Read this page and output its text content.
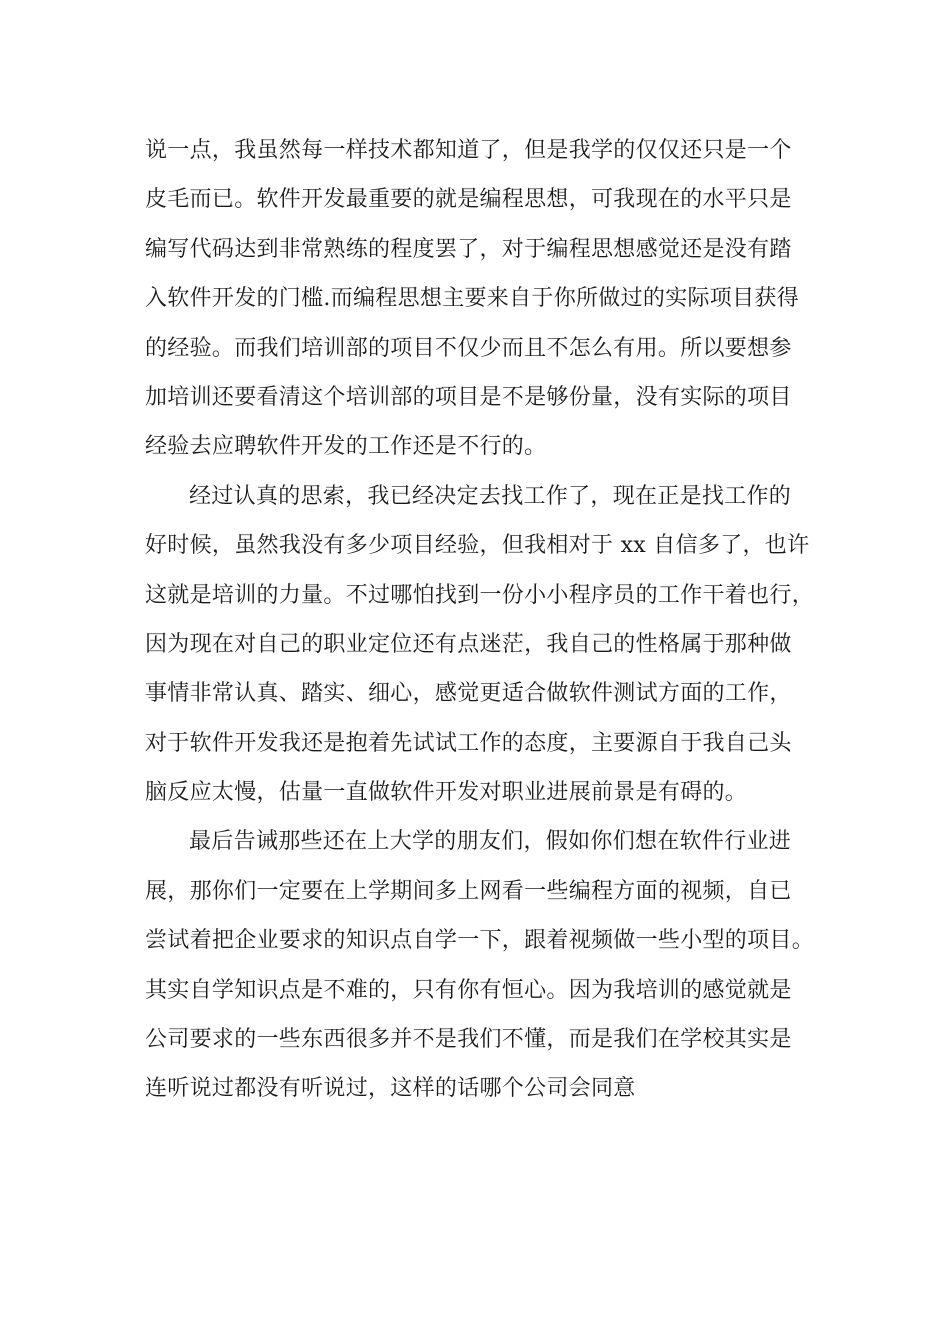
说一点，我虽然每一样技术都知道了，但是我学的仅仅还只是一个
皮毛而已。软件开发最重要的就是编程思想，可我现在的水平只是
编写代码达到非常熟练的程度罢了，对于编程思想感觉还是没有踏
入软件开发的门槛.而编程思想主要来自于你所做过的实际项目获得
的经验。而我们培训部的项目不仅少而且不怎么有用。所以要想参
加培训还要看清这个培训部的项目是不是够份量，没有实际的项目
经验去应聘软件开发的工作还是不行的。
经过认真的思索，我已经决定去找工作了，现在正是找工作的
好时候，虽然我没有多少项目经验，但我相对于 xx 自信多了，也许
这就是培训的力量。不过哪怕找到一份小小程序员的工作干着也行，
因为现在对自己的职业定位还有点迷茫，我自己的性格属于那种做
事情非常认真、踏实、细心，感觉更适合做软件测试方面的工作，
对于软件开发我还是抱着先试试工作的态度，主要源自于我自己头
脑反应太慢，估量一直做软件开发对职业进展前景是有碍的。
最后告诫那些还在上大学的朋友们，假如你们想在软件行业进
展，那你们一定要在上学期间多上网看一些编程方面的视频，自已
尝试着把企业要求的知识点自学一下，跟着视频做一些小型的项目。
其实自学知识点是不难的，只有你有恒心。因为我培训的感觉就是
公司要求的一些东西很多并不是我们不懂，而是我们在学校其实是
连听说过都没有听说过，这样的话哪个公司会同意
